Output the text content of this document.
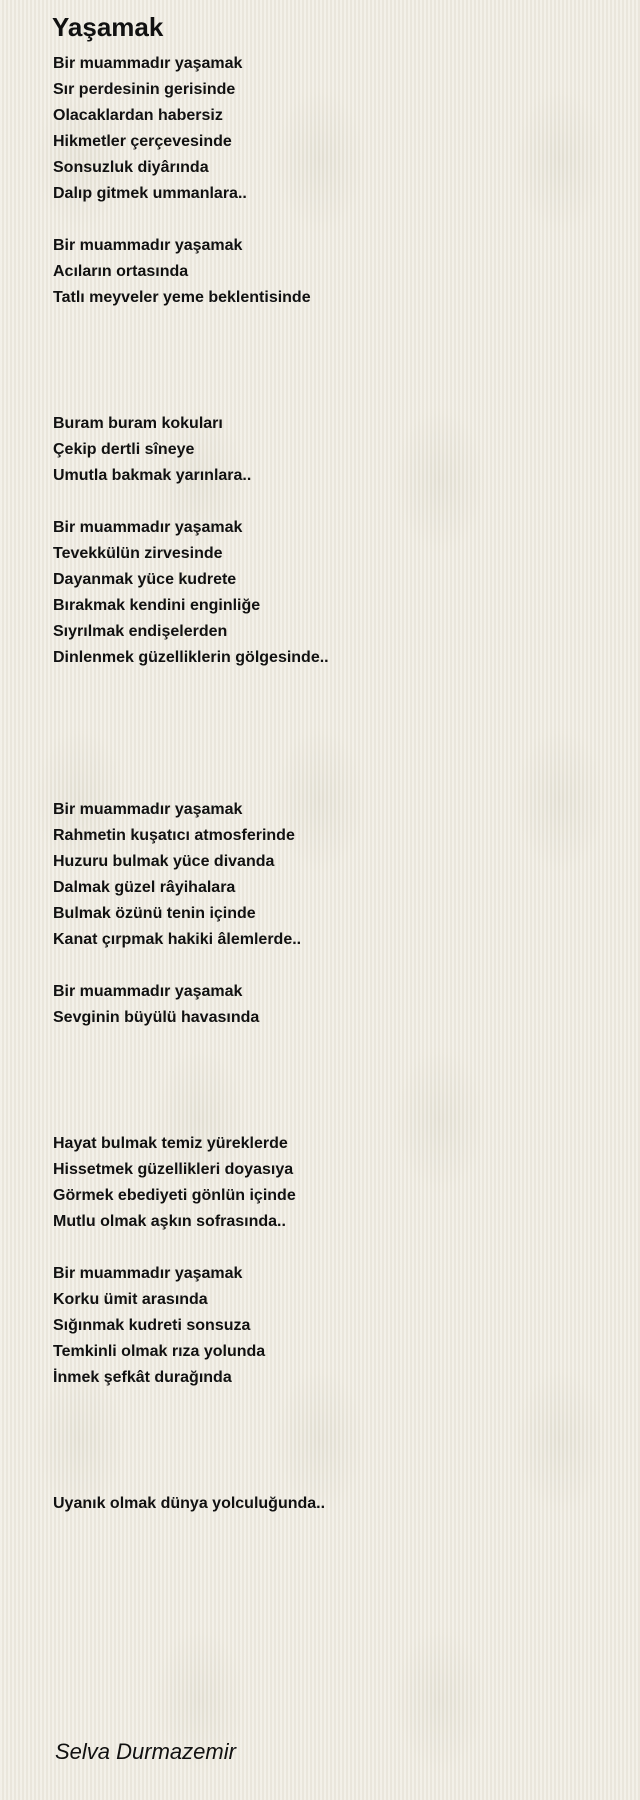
Yaşamak
Bir muammadır yaşamak
Sır perdesinin gerisinde
Olacaklardan habersiz
Hikmetler çerçevesinde
Sonsuzluk diyârında
Dalıp gitmek ummanlara..
Bir muammadır yaşamak
Acıların ortasında
Tatlı meyveler yeme beklentisinde
Buram buram kokuları
Çekip dertli sîneye
Umutla bakmak yarınlara..
Bir muammadır yaşamak
Tevekkülün zirvesinde
Dayanmak yüce kudrete
Bırakmak kendini enginliğe
Sıyrılmak endişelerden
Dinlenmek güzelliklerin gölgesinde..
Bir muammadır yaşamak
Rahmetin kuşatıcı atmosferinde
Huzuru bulmak yüce divanda
Dalmak güzel râyihalara
Bulmak özünü tenin içinde
Kanat çırpmak hakiki âlemlerde..
Bir muammadır yaşamak
Sevginin büyülü havasında
Hayat bulmak temiz yüreklerde
Hissetmek güzellikleri doyasıya
Görmek ebediyeti gönlün içinde
Mutlu olmak aşkın sofrasında..
Bir muammadır yaşamak
Korku ümit arasında
Sığınmak kudreti sonsuza
Temkinli olmak rıza yolunda
İnmek şefkât durağında
Uyanık olmak dünya yolculuğunda..
Selva Durmazemir
